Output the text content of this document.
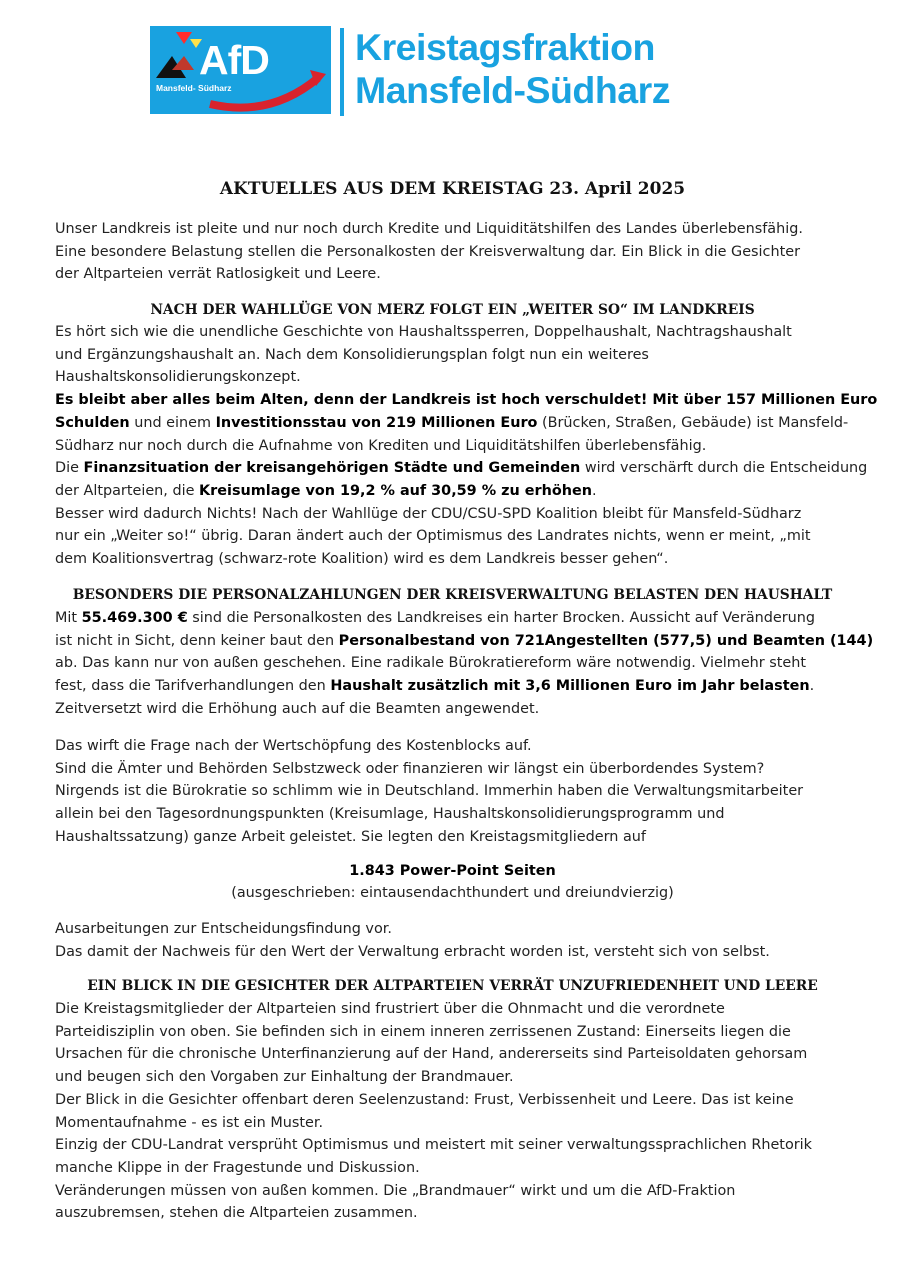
AfD
Mansfeld- Südharz
Kreistagsfraktion
Mansfeld-Südharz
AKTUELLES AUS DEM KREISTAG 23. April 2025
Unser Landkreis ist pleite und nur noch durch Kredite und Liquiditätshilfen des Landes überlebensfähig.
Eine besondere Belastung stellen die Personalkosten der Kreisverwaltung dar. Ein Blick in die Gesichter
der Altparteien verrät Ratlosigkeit und Leere.
NACH DER WAHLLÜGE VON MERZ FOLGT EIN „WEITER SO“ IM LANDKREIS
Es hört sich wie die unendliche Geschichte von Haushaltssperren, Doppelhaushalt, Nachtragshaushalt
und Ergänzungshaushalt an. Nach dem Konsolidierungsplan folgt nun ein weiteres
Haushaltskonsolidierungskonzept.
Es bleibt aber alles beim Alten, denn der Landkreis ist hoch verschuldet! Mit über 157 Millionen Euro
Schulden und einem Investitionsstau von 219 Millionen Euro (Brücken, Straßen, Gebäude) ist Mansfeld-
Südharz nur noch durch die Aufnahme von Krediten und Liquiditätshilfen überlebensfähig.
Die Finanzsituation der kreisangehörigen Städte und Gemeinden wird verschärft durch die Entscheidung
der Altparteien, die Kreisumlage von 19,2 % auf 30,59 % zu erhöhen.
Besser wird dadurch Nichts! Nach der Wahllüge der CDU/CSU-SPD Koalition bleibt für Mansfeld-Südharz
nur ein „Weiter so!“ übrig. Daran ändert auch der Optimismus des Landrates nichts, wenn er meint, „mit
dem Koalitionsvertrag (schwarz-rote Koalition) wird es dem Landkreis besser gehen“.
BESONDERS DIE PERSONALZAHLUNGEN DER KREISVERWALTUNG BELASTEN DEN HAUSHALT
Mit 55.469.300 € sind die Personalkosten des Landkreises ein harter Brocken. Aussicht auf Veränderung
ist nicht in Sicht, denn keiner baut den Personalbestand von 721Angestellten (577,5) und Beamten (144)
ab. Das kann nur von außen geschehen. Eine radikale Bürokratiereform wäre notwendig. Vielmehr steht
fest, dass die Tarifverhandlungen den Haushalt zusätzlich mit 3,6 Millionen Euro im Jahr belasten.
Zeitversetzt wird die Erhöhung auch auf die Beamten angewendet.
Das wirft die Frage nach der Wertschöpfung des Kostenblocks auf.
Sind die Ämter und Behörden Selbstzweck oder finanzieren wir längst ein überbordendes System?
Nirgends ist die Bürokratie so schlimm wie in Deutschland. Immerhin haben die Verwaltungsmitarbeiter
allein bei den Tagesordnungspunkten (Kreisumlage, Haushaltskonsolidierungsprogramm und
Haushaltssatzung) ganze Arbeit geleistet. Sie legten den Kreistagsmitgliedern auf
1.843 Power-Point Seiten
(ausgeschrieben: eintausendachthundert und dreiundvierzig)
Ausarbeitungen zur Entscheidungsfindung vor.
Das damit der Nachweis für den Wert der Verwaltung erbracht worden ist, versteht sich von selbst.
EIN BLICK IN DIE GESICHTER DER ALTPARTEIEN VERRÄT UNZUFRIEDENHEIT UND LEERE
Die Kreistagsmitglieder der Altparteien sind frustriert über die Ohnmacht und die verordnete
Parteidisziplin von oben. Sie befinden sich in einem inneren zerrissenen Zustand: Einerseits liegen die
Ursachen für die chronische Unterfinanzierung auf der Hand, andererseits sind Parteisoldaten gehorsam
und beugen sich den Vorgaben zur Einhaltung der Brandmauer.
Der Blick in die Gesichter offenbart deren Seelenzustand: Frust, Verbissenheit und Leere. Das ist keine
Momentaufnahme - es ist ein Muster.
Einzig der CDU-Landrat versprüht Optimismus und meistert mit seiner verwaltungssprachlichen Rhetorik
manche Klippe in der Fragestunde und Diskussion.
Veränderungen müssen von außen kommen. Die „Brandmauer“ wirkt und um die AfD-Fraktion
auszubremsen, stehen die Altparteien zusammen.
